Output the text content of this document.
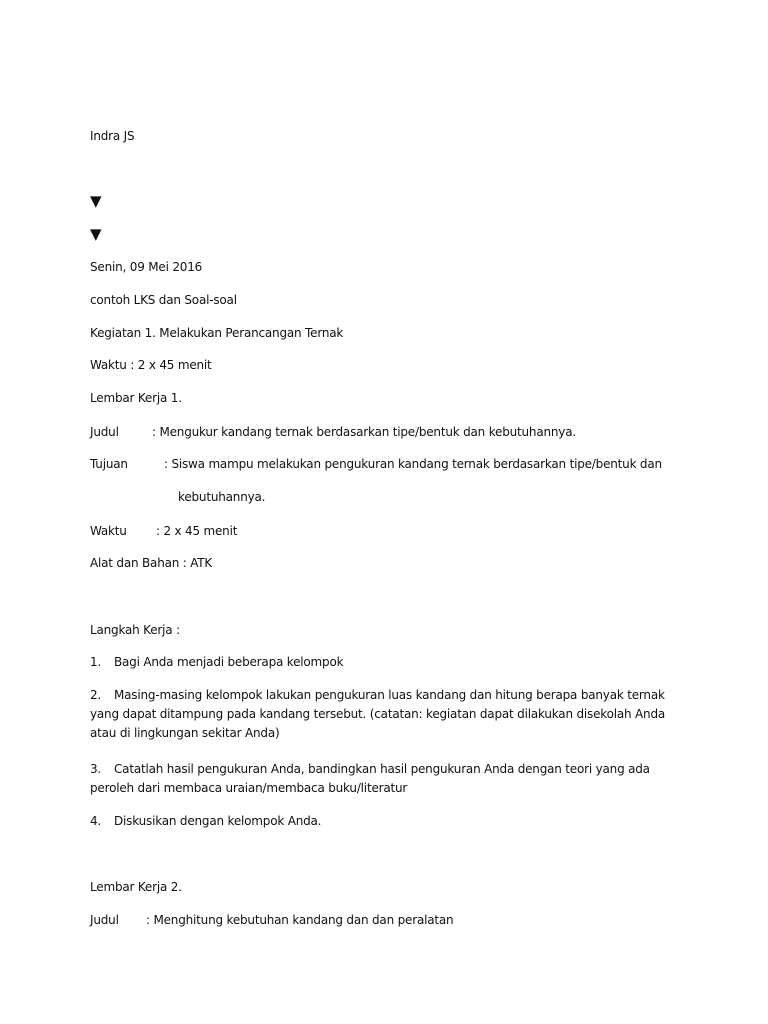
Indra JS
▼
▼
Senin, 09 Mei 2016
contoh LKS dan Soal-soal
Kegiatan 1. Melakukan Perancangan Ternak
Waktu : 2 x 45 menit
Lembar Kerja 1.
Judul	: Mengukur kandang ternak berdasarkan tipe/bentuk dan kebutuhannya.
Tujuan	: Siswa mampu melakukan pengukuran kandang ternak berdasarkan tipe/bentuk dan
kebutuhannya.
Waktu : 2 x 45 menit
Alat dan Bahan : ATK
Langkah Kerja :
1. Bagi Anda menjadi beberapa kelompok
2. Masing-masing kelompok lakukan pengukuran luas kandang dan hitung berapa banyak ternak yang dapat ditampung pada kandang tersebut. (catatan: kegiatan dapat dilakukan disekolah Anda atau di lingkungan sekitar Anda)
3. Catatlah hasil pengukuran Anda, bandingkan hasil pengukuran Anda dengan teori yang ada peroleh dari membaca uraian/membaca buku/literatur
4. Diskusikan dengan kelompok Anda.
Lembar Kerja 2.
Judul : Menghitung kebutuhan kandang dan dan peralatan
